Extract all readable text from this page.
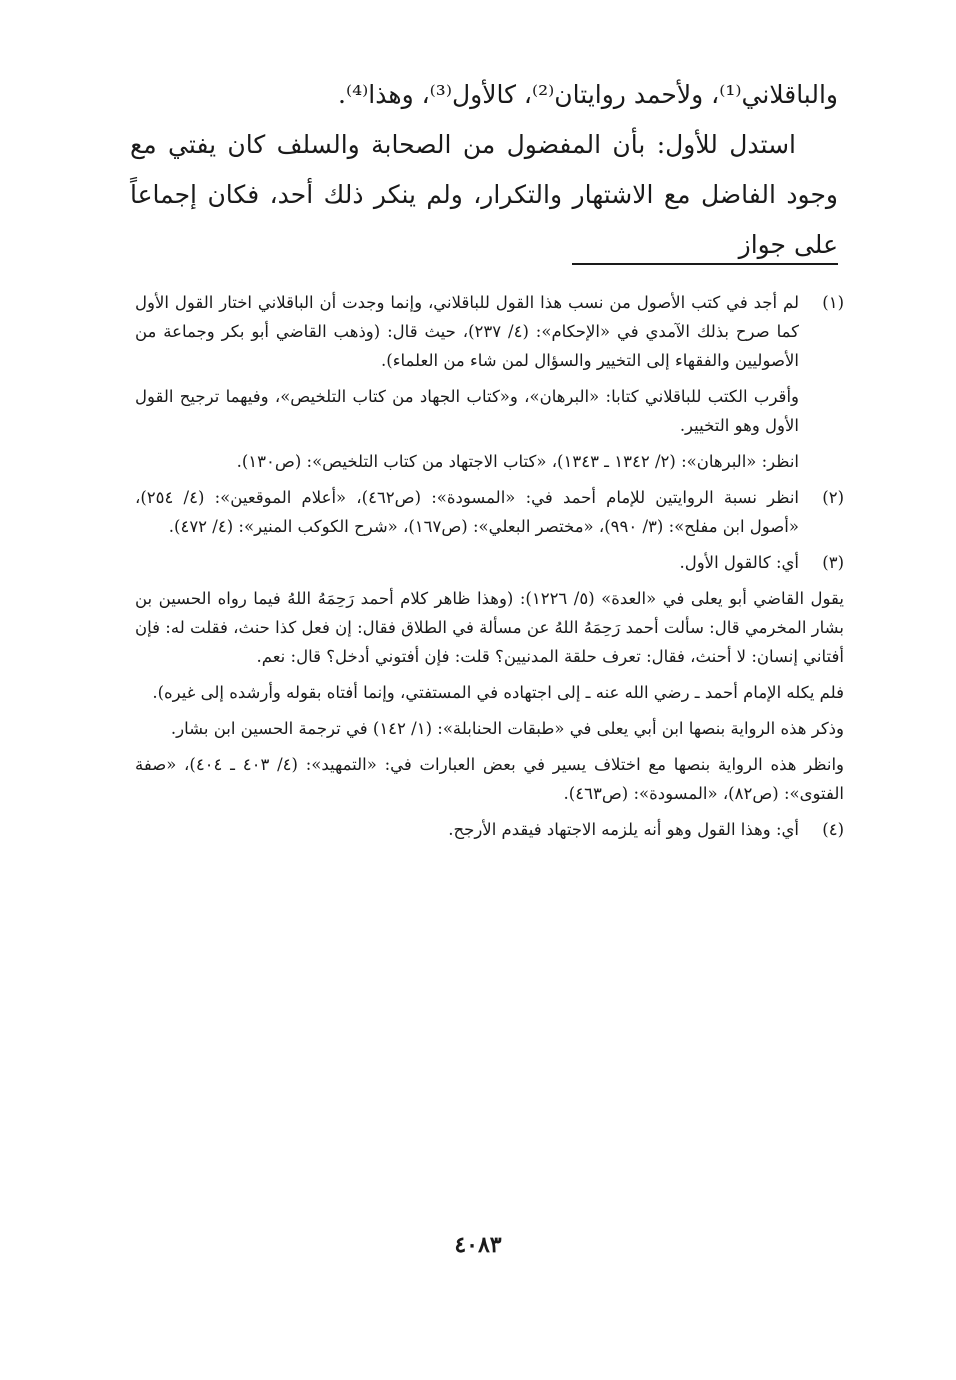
والباقلاني⁽¹⁾، ولأحمد روايتان⁽²⁾، كالأول⁽³⁾، وهذا⁽⁴⁾.

استدل للأول: بأن المفضول من الصحابة والسلف كان يفتي مع وجود الفاضل مع الاشتهار والتكرار، ولم ينكر ذلك أحد، فكان إجماعاً على جواز

(١)

لم أجد في كتب الأصول من نسب هذا القول للباقلاني، وإنما وجدت أن الباقلاني اختار القول الأول كما صرح بذلك الآمدي في «الإحكام»: (٤/ ٢٣٧)، حيث قال: (وذهب القاضي أبو بكر وجماعة من الأصوليين والفقهاء إلى التخيير والسؤال لمن شاء من العلماء).

وأقرب الكتب للباقلاني كتابا: «البرهان»، و«كتاب الجهاد من كتاب التلخيص»، وفيهما ترجيح القول الأول وهو التخيير.

انظر: «البرهان»: (٢/ ١٣٤٢ ـ ١٣٤٣)، «كتاب الاجتهاد من كتاب التلخيص»: (ص١٣٠).

(٢)

انظر نسبة الروايتين للإمام أحمد في: «المسودة»: (ص٤٦٢)، «أعلام الموقعين»: (٤/ ٢٥٤)، «أصول ابن مفلح»: (٣/ ٩٩٠)، «مختصر البعلي»: (ص١٦٧)، «شرح الكوكب المنير»: (٤/ ٤٧٢).

(٣)

أي: كالقول الأول.

يقول القاضي أبو يعلى في «العدة» (٥/ ١٢٢٦): (وهذا ظاهر كلام أحمد رَحِمَهُ اللهُ فيما رواه الحسين بن بشار المخرمي قال: سألت أحمد رَحِمَهُ اللهُ عن مسألة في الطلاق فقال: إن فعل كذا حنث، فقلت له: فإن أفتاني إنسان: لا أحنث، فقال: تعرف حلقة المدنيين؟ قلت: فإن أفتوني أدخل؟ قال: نعم.

فلم يكله الإمام أحمد ـ رضي الله عنه ـ إلى اجتهاده في المستفتي، وإنما أفتاه بقوله وأرشده إلى غيره).

وذكر هذه الرواية بنصها ابن أبي يعلى في «طبقات الحنابلة»: (١/ ١٤٢) في ترجمة الحسين ابن بشار.

وانظر هذه الرواية بنصها مع اختلاف يسير في بعض العبارات في: «التمهيد»: (٤/ ٤٠٣ ـ ٤٠٤)، «صفة الفتوى»: (ص٨٢)، «المسودة»: (ص٤٦٣).

(٤)

أي: وهذا القول وهو أنه يلزمه الاجتهاد فيقدم الأرجح.

٤٠٨٣
